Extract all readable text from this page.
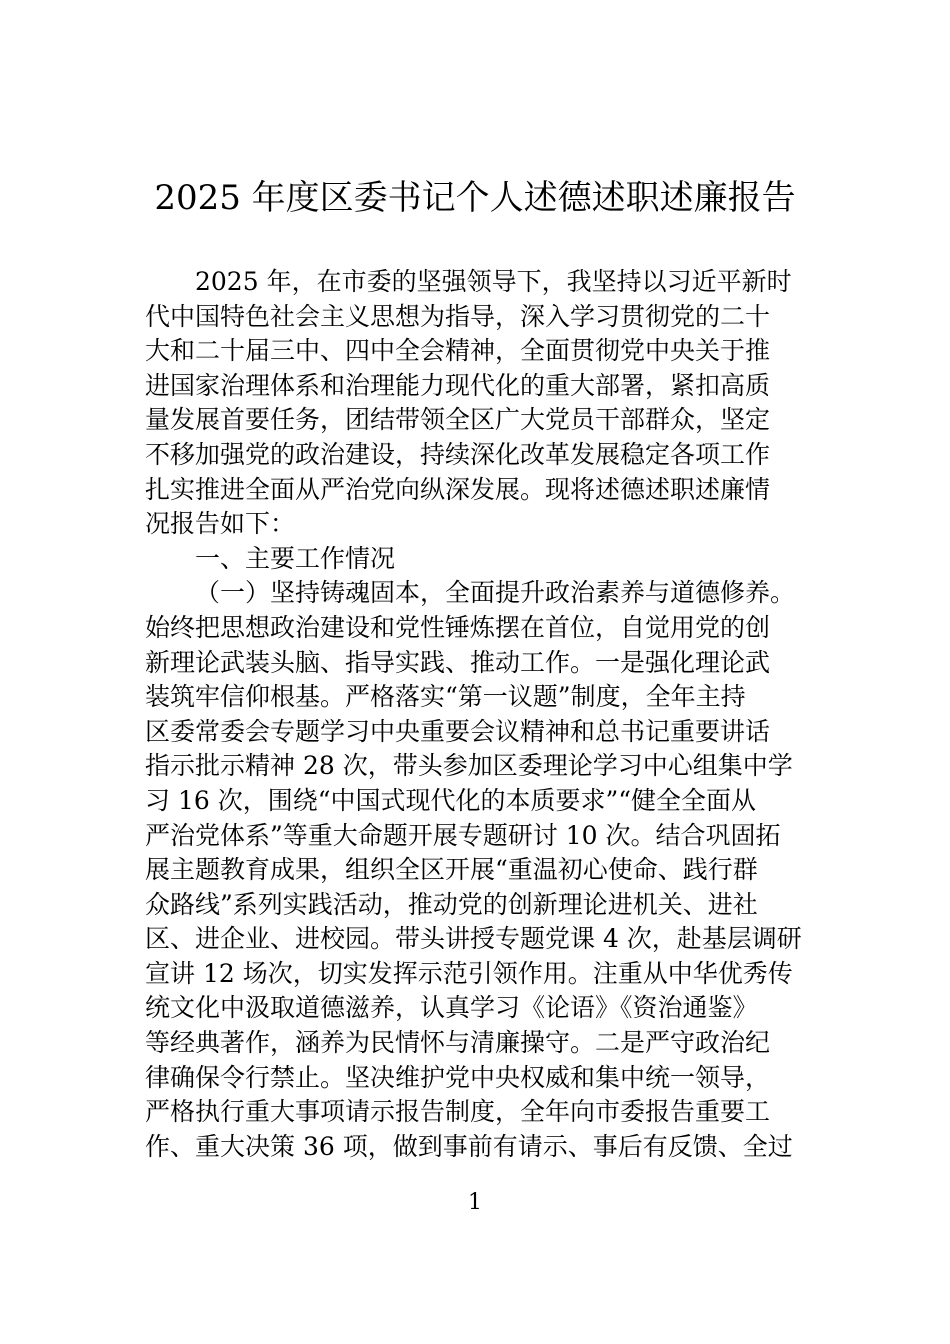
2025 年度区委书记个人述德述职述廉报告
2025 年，在市委的坚强领导下，我坚持以习近平新时
代中国特色社会主义思想为指导，深入学习贯彻党的二十
大和二十届三中、四中全会精神，全面贯彻党中央关于推
进国家治理体系和治理能力现代化的重大部署，紧扣高质
量发展首要任务，团结带领全区广大党员干部群众，坚定
不移加强党的政治建设，持续深化改革发展稳定各项工作
扎实推进全面从严治党向纵深发展。现将述德述职述廉情
况报告如下：
一、主要工作情况
（一）坚持铸魂固本，全面提升政治素养与道德修养。
始终把思想政治建设和党性锤炼摆在首位，自觉用党的创
新理论武装头脑、指导实践、推动工作。一是强化理论武
装筑牢信仰根基。严格落实“第一议题”制度，全年主持
区委常委会专题学习中央重要会议精神和总书记重要讲话
指示批示精神 28 次，带头参加区委理论学习中心组集中学
习 16 次，围绕“中国式现代化的本质要求”“健全全面从
严治党体系”等重大命题开展专题研讨 10 次。结合巩固拓
展主题教育成果，组织全区开展“重温初心使命、践行群
众路线”系列实践活动，推动党的创新理论进机关、进社
区、进企业、进校园。带头讲授专题党课 4 次，赴基层调研
宣讲 12 场次，切实发挥示范引领作用。注重从中华优秀传
统文化中汲取道德滋养，认真学习《论语》《资治通鉴》
等经典著作，涵养为民情怀与清廉操守。二是严守政治纪
律确保令行禁止。坚决维护党中央权威和集中统一领导，
严格执行重大事项请示报告制度，全年向市委报告重要工
作、重大决策 36 项，做到事前有请示、事后有反馈、全过
1
